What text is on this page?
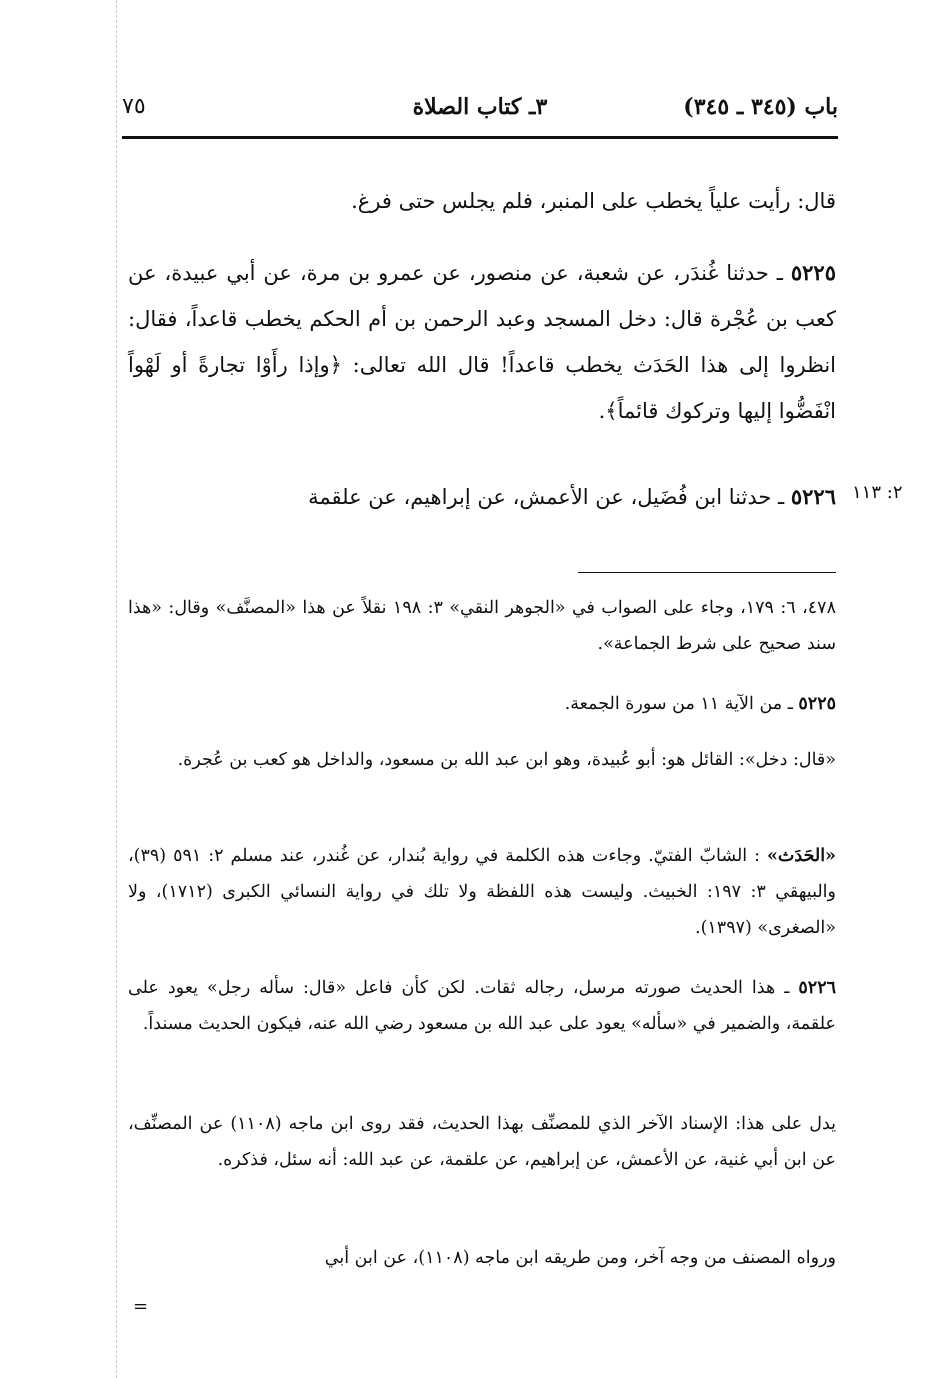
باب (٣٤٥ ـ ٣٤٥)
٣ـ كتاب الصلاة
٧٥

قال: رأيت علياً يخطب على المنبر، فلم يجلس حتى فرغ.

٥٢٢٥ ـ حدثنا غُندَر، عن شعبة، عن منصور، عن عمرو بن مرة، عن أبي عبيدة، عن كعب بن عُجْرة قال: دخل المسجد وعبد الرحمن بن أم الحكم يخطب قاعداً، فقال: انظروا إلى هذا الحَدَث يخطب قاعداً! قال الله تعالى: ﴿وإذا رأَوْا تجارةً أو لَهْواً انْفَضُّوا إليها وتركوك قائماً﴾.

٥٢٢٦ ـ حدثنا ابن فُضَيل، عن الأعمش، عن إبراهيم، عن علقمة	٢: ١١٣

٤٧٨، ٦: ١٧٩، وجاء على الصواب في «الجوهر النقي» ٣: ١٩٨ نقلاً عن هذا «المصنَّف» وقال: «هذا سند صحيح على شرط الجماعة».

٥٢٢٥ ـ من الآية ١١ من سورة الجمعة.

«قال: دخل»: القائل هو: أبو عُبيدة، وهو ابن عبد الله بن مسعود، والداخل هو كعب بن عُجرة.

«الحَدَث» : الشابّ الفتيّ. وجاءت هذه الكلمة في رواية بُندار، عن غُندر، عند مسلم ٢: ٥٩١ (٣٩)، والبيهقي ٣: ١٩٧: الخبيث. وليست هذه اللفظة ولا تلك في رواية النسائي الكبرى (١٧١٢)، ولا «الصغرى» (١٣٩٧).

٥٢٢٦ ـ هذا الحديث صورته مرسل، رجاله ثقات. لكن كأن فاعل «قال: سأله رجل» يعود على علقمة، والضمير في «سأله» يعود على عبد الله بن مسعود رضي الله عنه، فيكون الحديث مسنداً.

يدل على هذا: الإسناد الآخر الذي للمصنِّف بهذا الحديث، فقد روى ابن ماجه (١١٠٨) عن المصنِّف، عن ابن أبي غنية، عن الأعمش، عن إبراهيم، عن علقمة، عن عبد الله: أنه سئل، فذكره.

ورواه المصنف من وجه آخر، ومن طريقه ابن ماجه (١١٠٨)، عن ابن أبي

=
